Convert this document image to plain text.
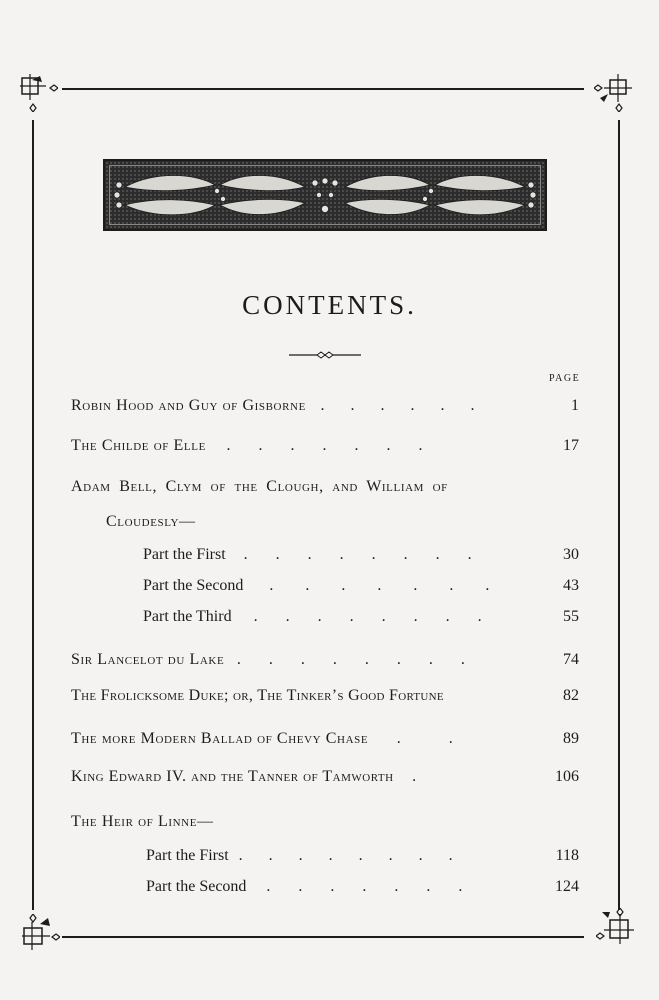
CONTENTS.
PAGE
Robin Hood and Guy of Gisborne . . . . . .	1
The Childe of Elle . . . . . . .	17
Adam Bell, Clym of the Clough, and William of
Cloudesly—
Part the First . . . . . . . .	30
Part the Second . . . . . . .	43
Part the Third . . . . . . . .	55
Sir Lancelot du Lake . . . . . . . .	74
The Frolicksome Duke; or, The Tinker’s Good Fortune	82
The more Modern Ballad of Chevy Chase . .	89
King Edward IV. and the Tanner of Tamworth .	106
The Heir of Linne—
Part the First . . . . . . . .	118
Part the Second . . . . . . .	124
